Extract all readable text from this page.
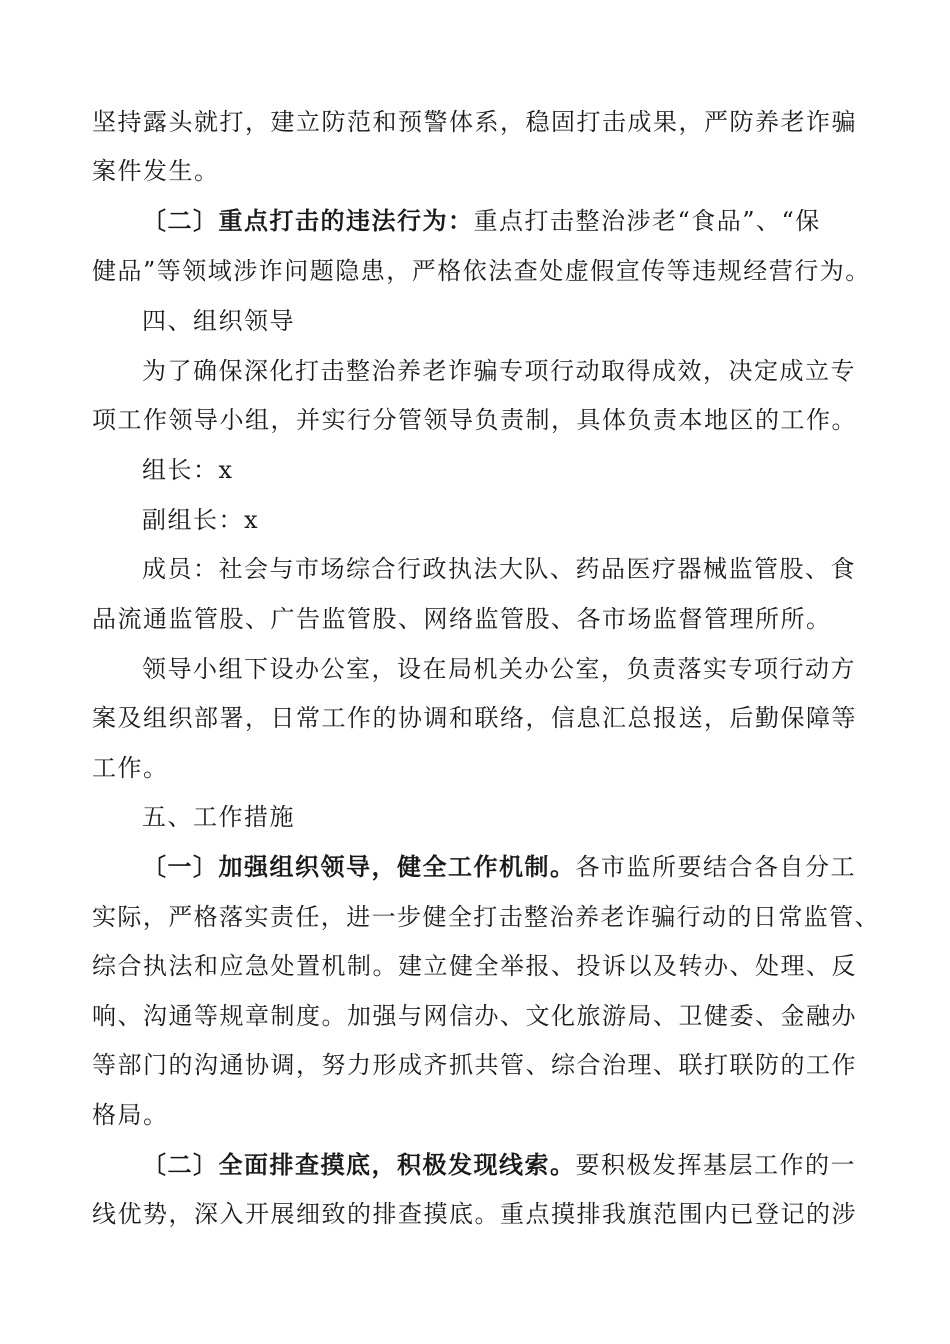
坚持露头就打，建立防范和预警体系，稳固打击成果，严防养老诈骗
案件发生。
〔二〕重点打击的违法行为：重点打击整治涉老“食品”、“保
健品”等领域涉诈问题隐患，严格依法查处虚假宣传等违规经营行为。
四、组织领导
为了确保深化打击整治养老诈骗专项行动取得成效，决定成立专
项工作领导小组，并实行分管领导负责制，具体负责本地区的工作。
组长：x
副组长：x
成员：社会与市场综合行政执法大队、药品医疗器械监管股、食
品流通监管股、广告监管股、网络监管股、各市场监督管理所所。
领导小组下设办公室，设在局机关办公室，负责落实专项行动方
案及组织部署，日常工作的协调和联络，信息汇总报送，后勤保障等
工作。
五、工作措施
〔一〕加强组织领导，健全工作机制。各市监所要结合各自分工
实际，严格落实责任，进一步健全打击整治养老诈骗行动的日常监管、
综合执法和应急处置机制。建立健全举报、投诉以及转办、处理、反
响、沟通等规章制度。加强与网信办、文化旅游局、卫健委、金融办
等部门的沟通协调，努力形成齐抓共管、综合治理、联打联防的工作
格局。
〔二〕全面排查摸底，积极发现线索。要积极发挥基层工作的一
线优势，深入开展细致的排查摸底。重点摸排我旗范围内已登记的涉
